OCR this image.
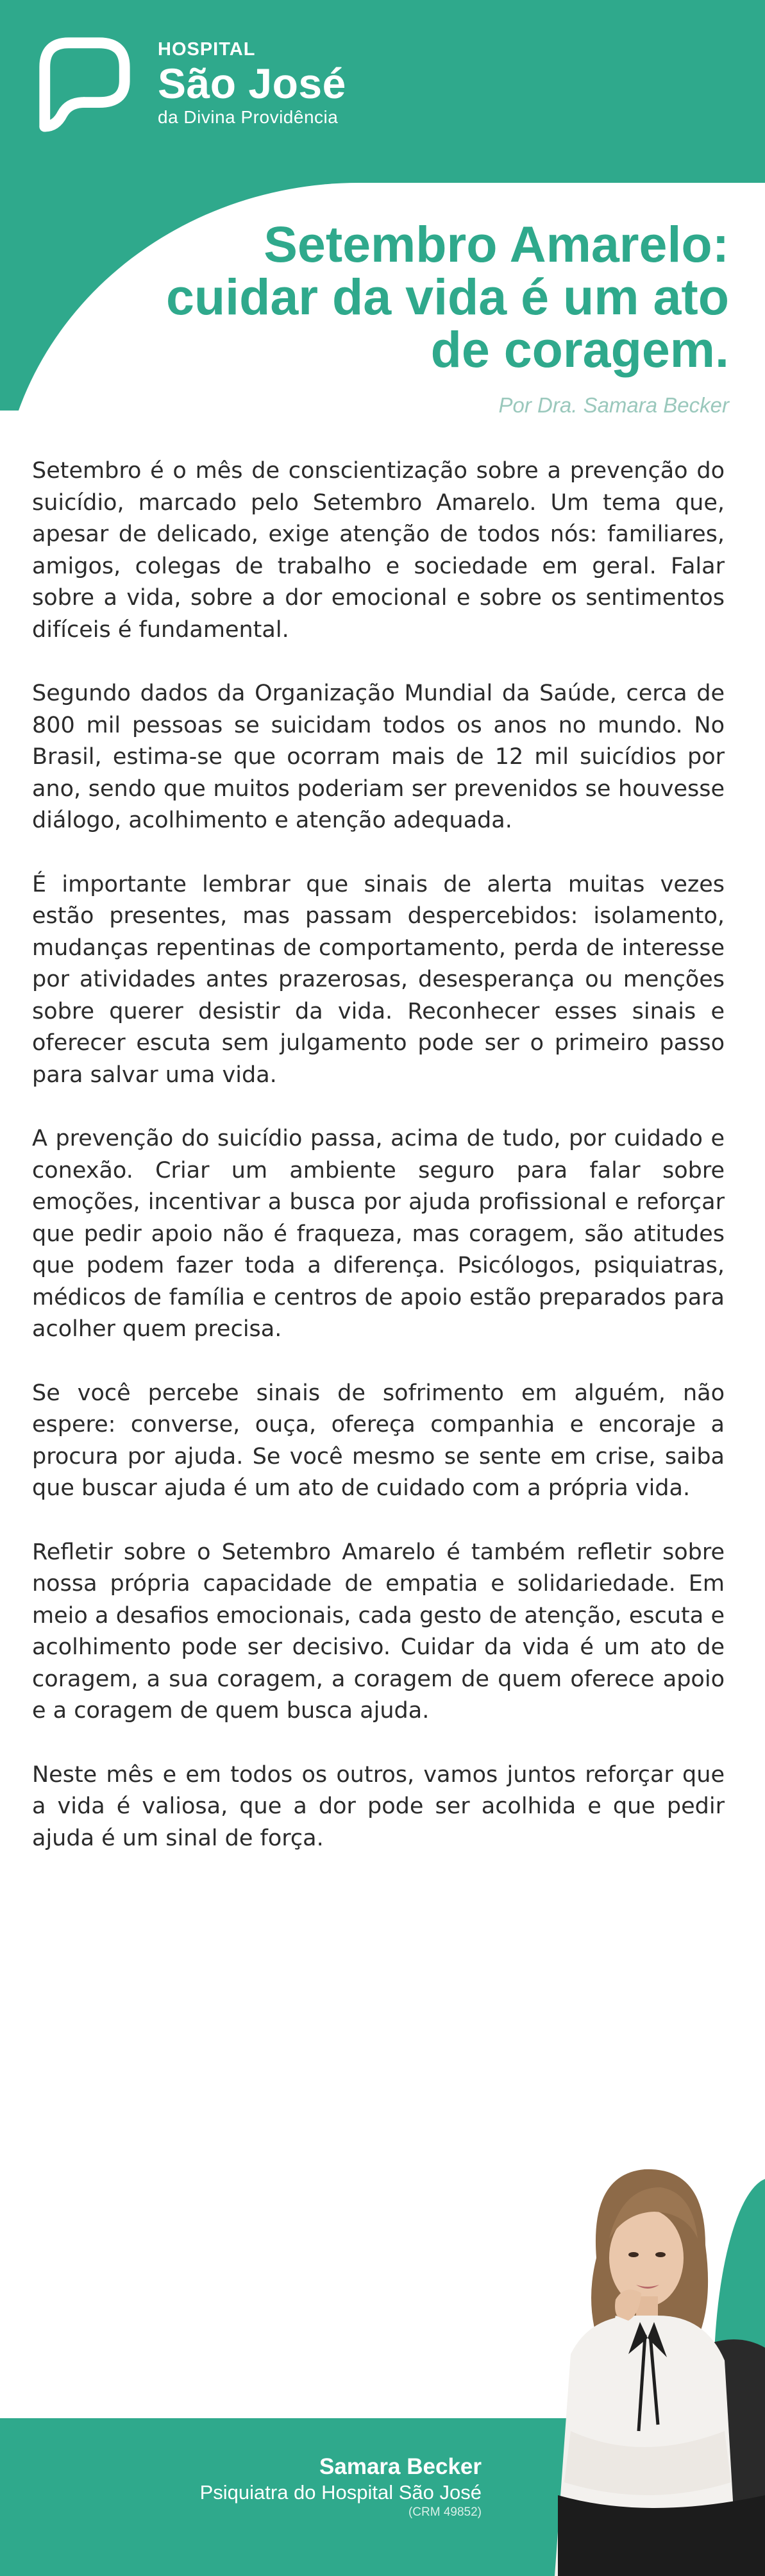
HOSPITAL
São José
da Divina Providência
Setembro Amarelo: cuidar da vida é um ato de coragem.
Por Dra. Samara Becker

Setembro é o mês de conscientização sobre a prevenção do suicídio, marcado pelo Setembro Amarelo. Um tema que, apesar de delicado, exige atenção de todos nós: familiares, amigos, colegas de trabalho e sociedade em geral. Falar sobre a vida, sobre a dor emocional e sobre os sentimentos difíceis é fundamental.

Segundo dados da Organização Mundial da Saúde, cerca de 800 mil pessoas se suicidam todos os anos no mundo. No Brasil, estima-se que ocorram mais de 12 mil suicídios por ano, sendo que muitos poderiam ser prevenidos se houvesse diálogo, acolhimento e atenção adequada.

É importante lembrar que sinais de alerta muitas vezes estão presentes, mas passam despercebidos: isolamento, mudanças repentinas de comportamento, perda de interesse por atividades antes prazerosas, desesperança ou menções sobre querer desistir da vida. Reconhecer esses sinais e oferecer escuta sem julgamento pode ser o primeiro passo para salvar uma vida.

A prevenção do suicídio passa, acima de tudo, por cuidado e conexão. Criar um ambiente seguro para falar sobre emoções, incentivar a busca por ajuda profissional e reforçar que pedir apoio não é fraqueza, mas coragem, são atitudes que podem fazer toda a diferença. Psicólogos, psiquiatras, médicos de família e centros de apoio estão preparados para acolher quem precisa.

Se você percebe sinais de sofrimento em alguém, não espere: converse, ouça, ofereça companhia e encoraje a procura por ajuda. Se você mesmo se sente em crise, saiba que buscar ajuda é um ato de cuidado com a própria vida.

Refletir sobre o Setembro Amarelo é também refletir sobre nossa própria capacidade de empatia e solidariedade. Em meio a desafios emocionais, cada gesto de atenção, escuta e acolhimento pode ser decisivo. Cuidar da vida é um ato de coragem, a sua coragem, a coragem de quem oferece apoio e a coragem de quem busca ajuda.

Neste mês e em todos os outros, vamos juntos reforçar que a vida é valiosa, que a dor pode ser acolhida e que pedir ajuda é um sinal de força.

Samara Becker
Psiquiatra do Hospital São José
(CRM 49852)
